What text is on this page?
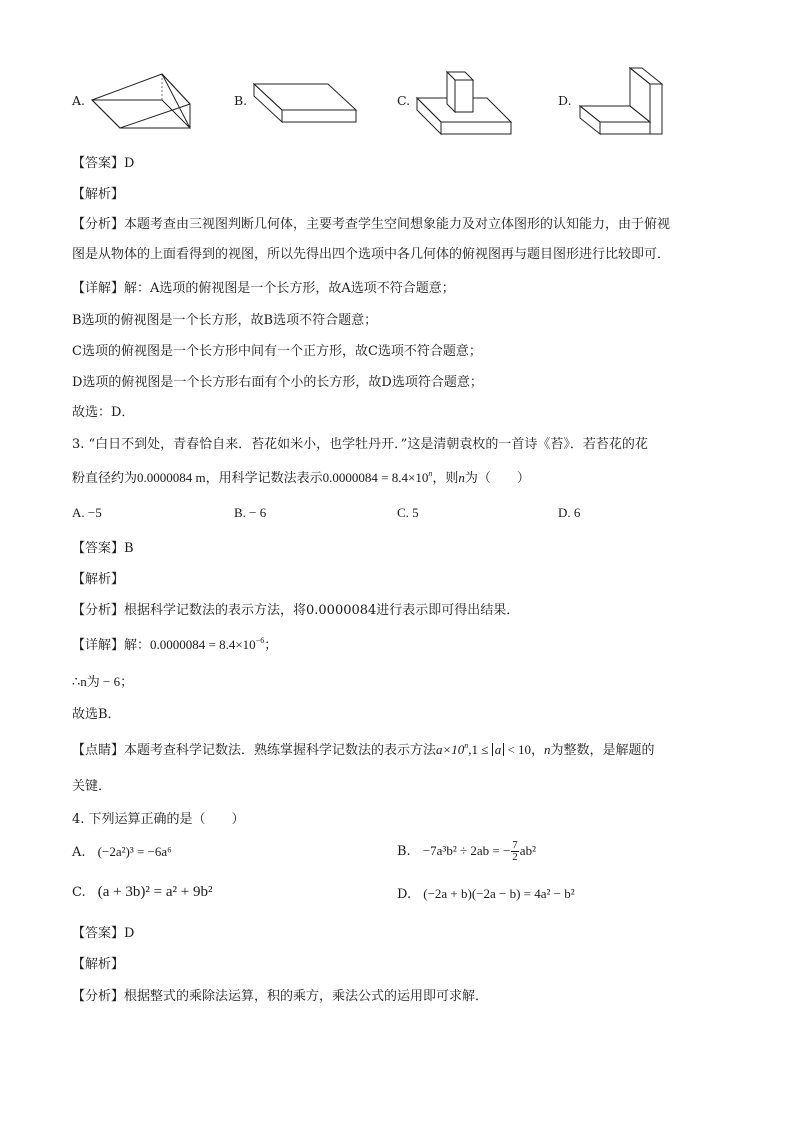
A.	B.	C.	D.
【答案】D
【解析】
【分析】本题考查由三视图判断几何体，主要考查学生空间想象能力及对立体图形的认知能力，由于俯视
图是从物体的上面看得到的视图，所以先得出四个选项中各几何体的俯视图再与题目图形进行比较即可．
【详解】解：A选项的俯视图是一个长方形，故A选项不符合题意；
B选项的俯视图是一个长方形，故B选项不符合题意；
C选项的俯视图是一个长方形中间有一个正方形，故C选项不符合题意；
D选项的俯视图是一个长方形右面有个小的长方形，故D选项符合题意；
故选：D．
3. “白日不到处，青春恰自来．苔花如米小，也学牡丹开．”这是清朝袁枚的一首诗《苔》．若苔花的花
粉直径约为0.0000084 m，用科学记数法表示$0.0000084 = 8.4\times 10^n$，则n为（　　）
A. −5	B. − 6	C. 5	D. 6
【答案】B
【解析】
【分析】根据科学记数法的表示方法，将0.0000084进行表示即可得出结果．
【详解】解：$0.0000084 = 8.4\times 10^{-6}$；
∴n为 − 6；
故选B．
【点睛】本题考查科学记数法．熟练掌握科学记数法的表示方法$a\times 10^n,1 \le a < 10$，n为整数，是解题的
关键．
4. 下列运算正确的是（　　）
A. (−2a²)³ = −6a⁶	B. −7a³b² ÷ 2ab = − $\frac{7}{2} ab^2$
C. (a + 3b)² = a² + 9b²	D. (−2a + b)(−2a − b) = 4a² − b²
【答案】D
【解析】
【分析】根据整式的乘除法运算，积的乘方，乘法公式的运用即可求解．
